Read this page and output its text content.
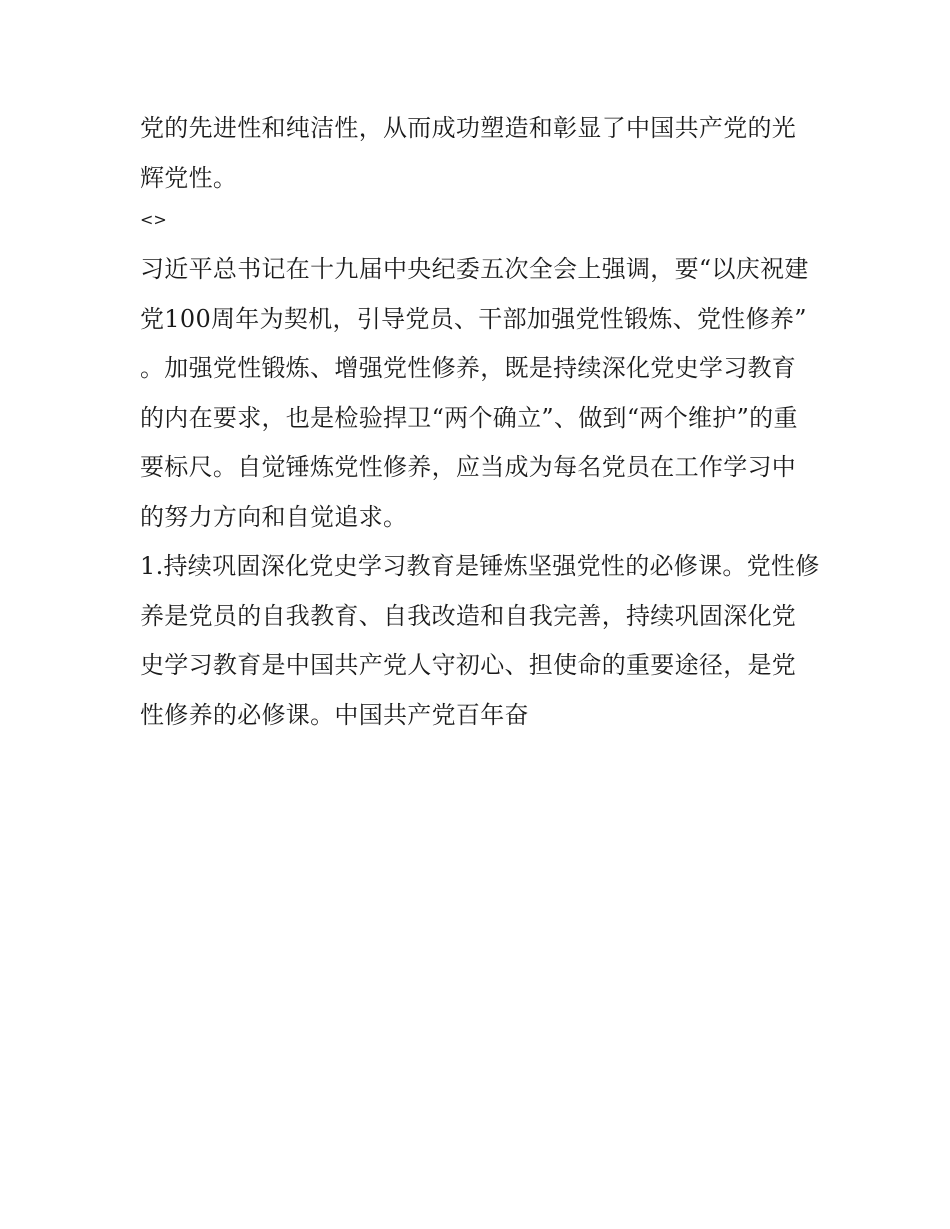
党的先进性和纯洁性，从而成功塑造和彰显了中国共产党的光辉党性。

<>

习近平总书记在十九届中央纪委五次全会上强调，要“以庆祝建党100周年为契机，引导党员、干部加强党性锻炼、党性修养”。加强党性锻炼、增强党性修养，既是持续深化党史学习教育的内在要求，也是检验捍卫“两个确立”、做到“两个维护”的重要标尺。自觉锤炼党性修养，应当成为每名党员在工作学习中的努力方向和自觉追求。

1.持续巩固深化党史学习教育是锤炼坚强党性的必修课。党性修养是党员的自我教育、自我改造和自我完善，持续巩固深化党史学习教育是中国共产党人守初心、担使命的重要途径，是党性修养的必修课。中国共产党百年奋
